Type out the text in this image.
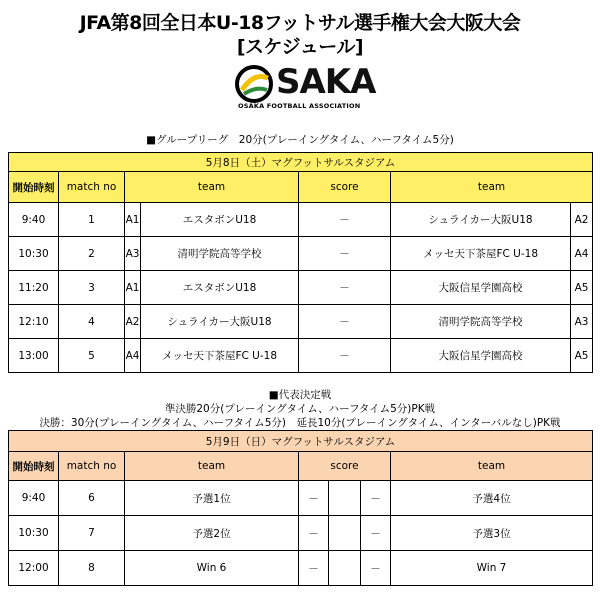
JFA第8回全日本U-18フットサル選手権大会大阪大会
[スケジュール]
SAKA
OSAKA FOOTBALL ASSOCIATION
■グループリーグ　20分(プレーイングタイム、ハーフタイム5分)
5月8日（土）マグフットサルスタジアム						
開始時刻	match no	team		score	team	
9:40	1	A1	エスタボンU18	－	シュライカー大阪U18	A2
10:30	2	A3	清明学院高等学校	－	メッセ天下茶屋FC U-18	A4
11:20	3	A1	エスタボンU18	－	大阪信星学園高校	A5
12:10	4	A2	シュライカー大阪U18	－	清明学院高等学校	A3
13:00	5	A4	メッセ天下茶屋FC U-18	－	大阪信星学園高校	A5
■代表決定戦
準決勝20分(プレーイングタイム、ハーフタイム5分)PK戦
決勝：30分(プレーイングタイム、ハーフタイム5分)　延長10分(プレーイングタイム、インターバルなし)PK戦
5月9日（日）マグフットサルスタジアム						
開始時刻	match no	team	score			team
9:40	6	予選1位	－		－	予選4位
10:30	7	予選2位	－		－	予選3位
12:00	8	Win 6	－		－	Win 7
